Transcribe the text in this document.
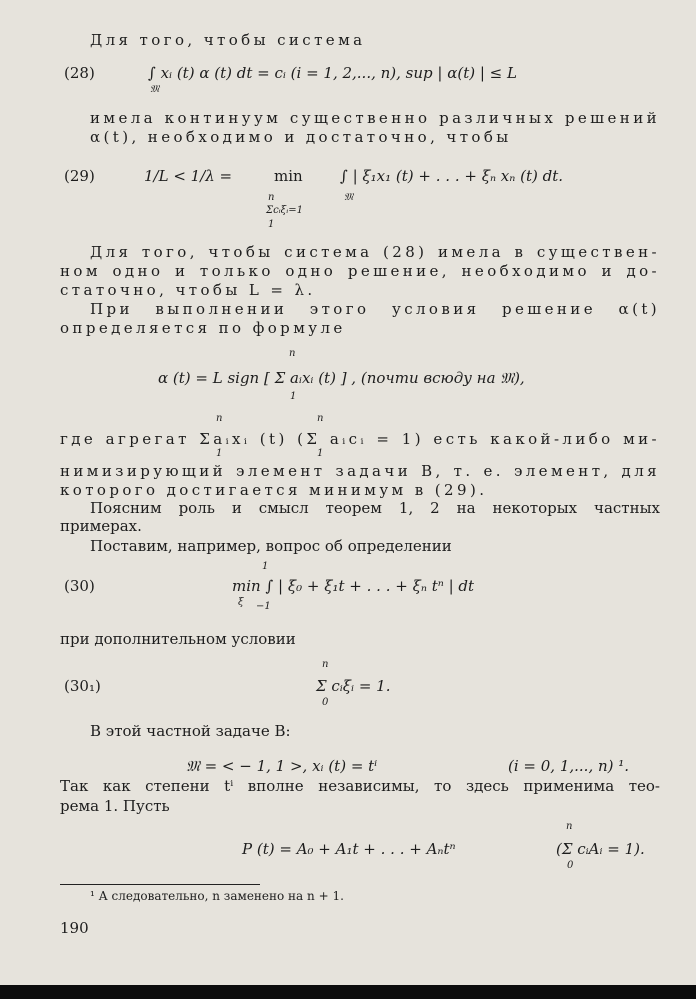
Для того, чтобы система
(28)	∫ xᵢ (t) α (t) dt = cᵢ (i = 1, 2,..., n), sup | α(t) | ≤ L
𝔐
имела континуум существенно различных решений
α(t), необходимо и достаточно, чтобы
(29)	1/L < 1/λ =	min ∫ | ξ₁x₁ (t) + . . . + ξₙ xₙ (t) dt.
n
Σcᵢξᵢ=1
1
𝔐
Для того, чтобы система (28) имела в существен-
ном одно и только одно решение, необходимо и до-
статочно, чтобы L = λ.
При выполнении этого условия решение α(t)
определяется по формуле
n
α (t) = L sign [ Σ aᵢxᵢ (t) ] , (почти всюду на 𝔐),
1
n	n
где агрегат Σaᵢxᵢ (t) (Σ aᵢcᵢ = 1) есть какой-либо ми-
1	1
нимизирующий элемент задачи B, т. е. элемент, для
которого достигается минимум в (29).
Поясним роль и смысл теорем 1, 2 на некоторых частных
примерах.
Поставим, например, вопрос об определении
1
(30)	min ∫ | ξ₀ + ξ₁t + . . . + ξₙ tⁿ | dt
ξ −1
при дополнительном условии
n
(30₁)	Σ cᵢξᵢ = 1.
0
В этой частной задаче B:
𝔐 = < − 1, 1 >, xᵢ (t) = tⁱ	(i = 0, 1,..., n) ¹.
Так как степени tⁱ вполне независимы, то здесь применима тео-
рема 1. Пусть
n
P (t) = A₀ + A₁t + . . . + Aₙtⁿ	(Σ cᵢAᵢ = 1).
0
¹ А следовательно, n заменено на n + 1.
190
